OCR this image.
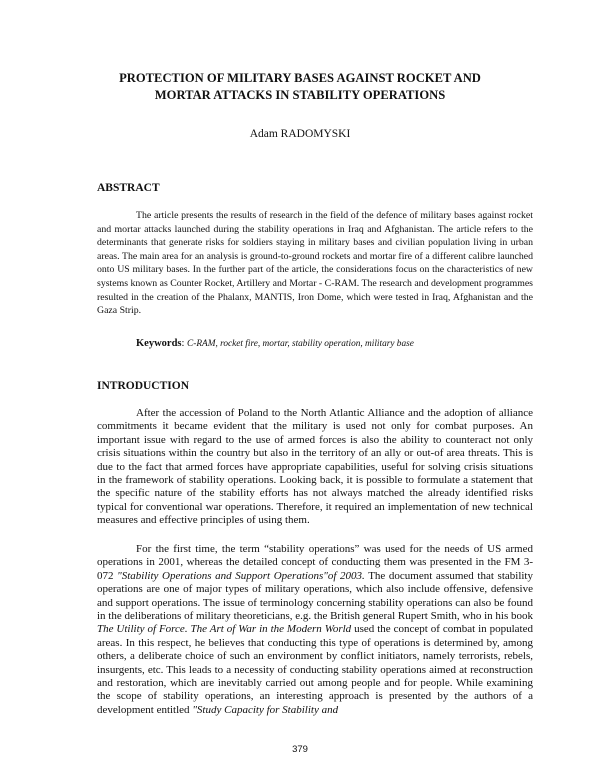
PROTECTION OF MILITARY BASES AGAINST ROCKET AND
MORTAR ATTACKS IN STABILITY OPERATIONS
Adam RADOMYSKI
ABSTRACT

The article presents the results of research in the field of the defence of military bases against rocket and mortar attacks launched during the stability operations in Iraq and Afghanistan. The article refers to the determinants that generate risks for soldiers staying in military bases and civilian population living in urban areas. The main area for an analysis is ground-to-ground rockets and mortar fire of a different calibre launched onto US military bases. In the further part of the article, the considerations focus on the characteristics of new systems known as Counter Rocket, Artillery and Mortar - C-RAM. The research and development programmes resulted in the creation of the Phalanx, MANTIS, Iron Dome, which were tested in Iraq, Afghanistan and the Gaza Strip.

Keywords: C-RAM, rocket fire, mortar, stability operation, military base
INTRODUCTION

After the accession of Poland to the North Atlantic Alliance and the adoption of alliance commitments it became evident that the military is used not only for combat purposes. An important issue with regard to the use of armed forces is also the ability to counteract not only crisis situations within the country but also in the territory of an ally or out-of area threats. This is due to the fact that armed forces have appropriate capabilities, useful for solving crisis situations in the framework of stability operations. Looking back, it is possible to formulate a statement that the specific nature of the stability efforts has not always matched the already identified risks typical for conventional war operations. Therefore, it required an implementation of new technical measures and effective principles of using them.

For the first time, the term “stability operations” was used for the needs of US armed operations in 2001, whereas the detailed concept of conducting them was presented in the FM 3-072 "Stability Operations and Support Operations"of 2003. The document assumed that stability operations are one of major types of military operations, which also include offensive, defensive and support operations. The issue of terminology concerning stability operations can also be found in the deliberations of military theoreticians, e.g. the British general Rupert Smith, who in his book The Utility of Force. The Art of War in the Modern World used the concept of combat in populated areas. In this respect, he believes that conducting this type of operations is determined by, among others, a deliberate choice of such an environment by conflict initiators, namely terrorists, rebels, insurgents, etc. This leads to a necessity of conducting stability operations aimed at reconstruction and restoration, which are inevitably carried out among people and for people. While examining the scope of stability operations, an interesting approach is presented by the authors of a development entitled "Study Capacity for Stability and

379
